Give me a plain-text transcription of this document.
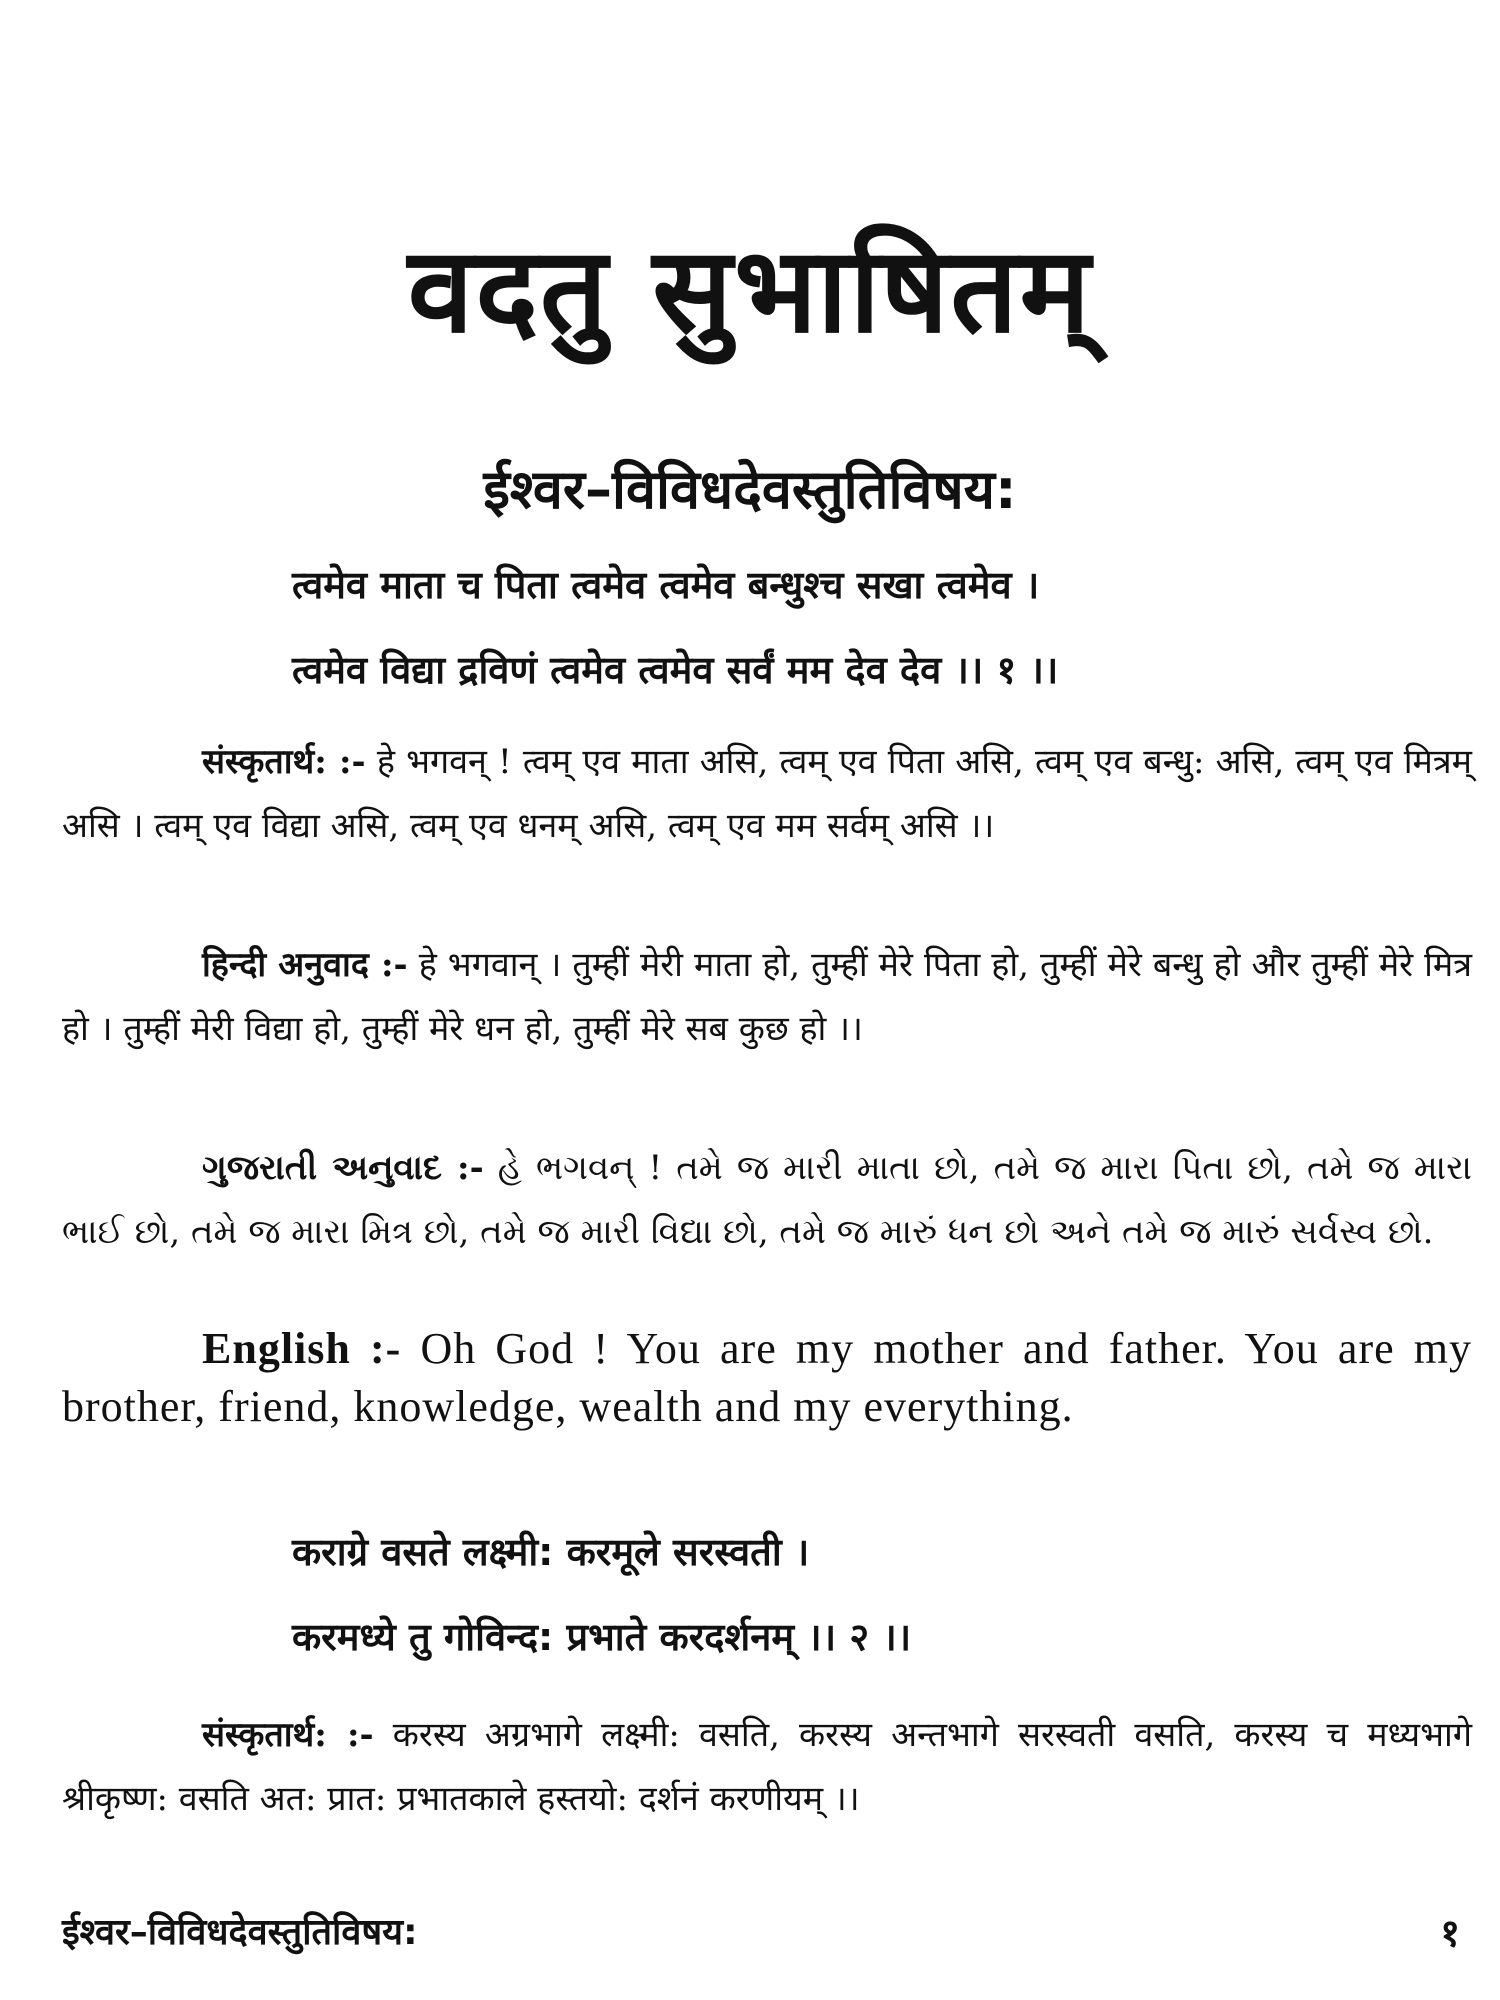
वदतु सुभाषितम्
ईश्वर–विविधदेवस्तुतिविषय:
त्वमेव माता च पिता त्वमेव त्वमेव बन्धुश्च सखा त्वमेव ।
त्वमेव विद्या द्रविणं त्वमेव त्वमेव सर्वं मम देव देव ।। १ ।।
संस्कृतार्थ: :- हे भगवन् ! त्वम् एव माता असि, त्वम् एव पिता असि, त्वम् एव बन्धु: असि, त्वम् एव मित्रम् असि । त्वम् एव विद्या असि, त्वम् एव धनम् असि, त्वम् एव मम सर्वम् असि ।।
हिन्दी अनुवाद :- हे भगवान् । तुम्हीं मेरी माता हो, तुम्हीं मेरे पिता हो, तुम्हीं मेरे बन्धु हो और तुम्हीं मेरे मित्र हो । तुम्हीं मेरी विद्या हो, तुम्हीं मेरे धन हो, तुम्हीं मेरे सब कुछ हो ।।
ગુજરાતી અનુવાદ :- હે ભગવન્ ! તમે જ મારી માતા છો, તમે જ મારા પિતા છો, તમે જ મારા ભાઈ છો, તમે જ મારા મિત્ર છો, તમે જ મારી વિદ્યા છો, તમે જ મારું ધન છો અને તમે જ મારું સર્વસ્વ છો.
English :- Oh God ! You are my mother and father. You are my brother, friend, knowledge, wealth and my everything.
कराग्रे वसते लक्ष्मी: करमूले सरस्वती ।
करमध्ये तु गोविन्द: प्रभाते करदर्शनम् ।। २ ।।
संस्कृतार्थ: :- करस्य अग्रभागे लक्ष्मी: वसति, करस्य अन्तभागे सरस्वती वसति, करस्य च मध्यभागे श्रीकृष्ण: वसति अत: प्रात: प्रभातकाले हस्तयो: दर्शनं करणीयम् ।।
ईश्वर–विविधदेवस्तुतिविषय:	१
